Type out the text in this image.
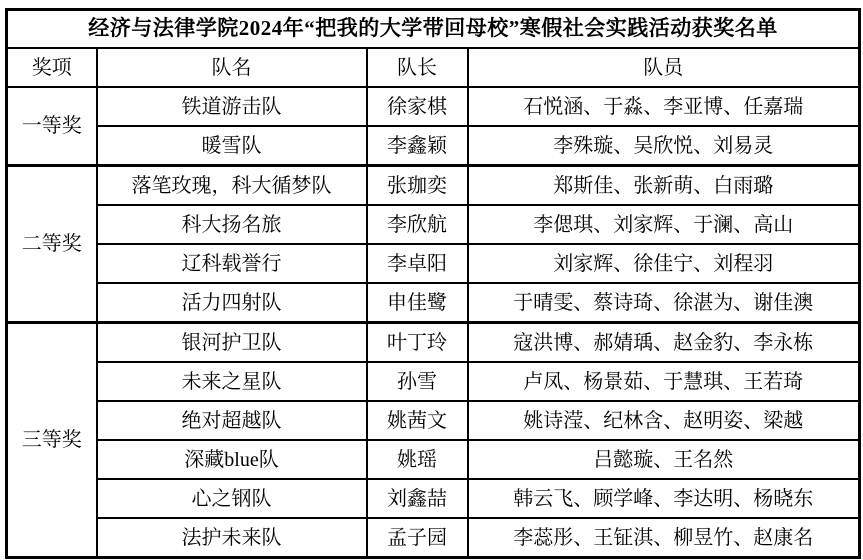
经济与法律学院2024年“把我的大学带回母校”寒假社会实践活动获奖名单			
奖项	队名	队长	队员
一等奖	铁道游击队	徐家棋	石悦涵、于淼、李亚博、任嘉瑞
	暖雪队	李鑫颖	李殊璇、吴欣悦、刘易灵
二等奖	落笔玫瑰，科大循梦队	张珈奕	郑斯佳、张新萌、白雨璐
	科大扬名旅	李欣航	李偲琪、刘家辉、于澜、高山
	辽科载誉行	李卓阳	刘家辉、徐佳宁、刘程羽
	活力四射队	申佳鹭	于晴雯、蔡诗琦、徐湛为、谢佳澳
三等奖	银河护卫队	叶丁玲	寇洪博、郝婧瑀、赵金豹、李永栋
	未来之星队	孙雪	卢凤、杨景茹、于慧琪、王若琦
	绝对超越队	姚茜文	姚诗滢、纪林含、赵明姿、梁越
	深藏blue队	姚瑶	吕懿璇、王名然
	心之钢队	刘鑫喆	韩云飞、顾学峰、李达明、杨晓东
	法护未来队	孟子园	李蕊彤、王钲淇、柳昱竹、赵康名
